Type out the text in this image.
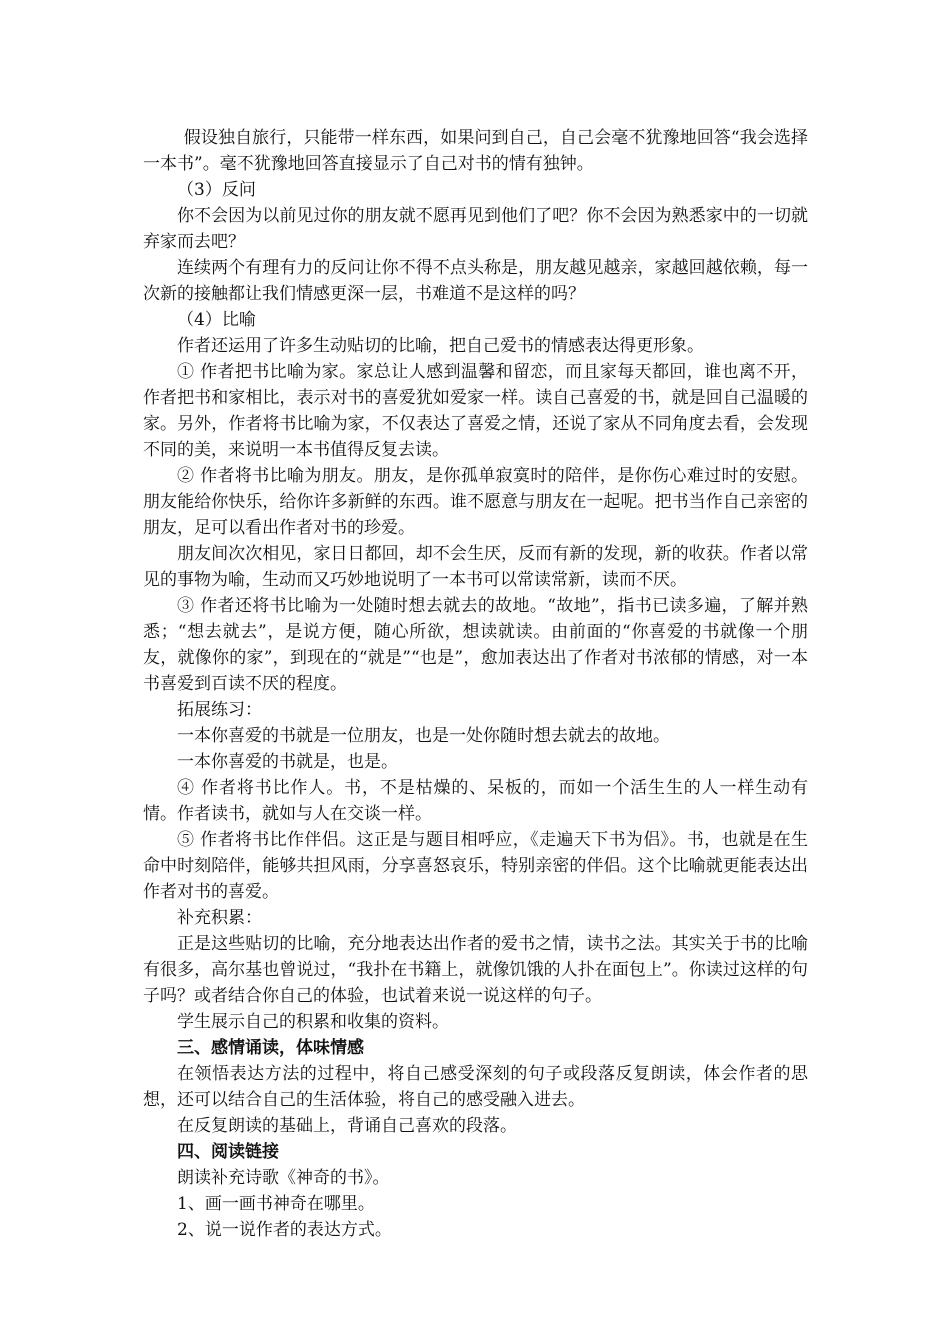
假设独自旅行，只能带一样东西，如果问到自己，自己会毫不犹豫地回答“我会选择一本书”。毫不犹豫地回答直接显示了自己对书的情有独钟。

（3）反问

你不会因为以前见过你的朋友就不愿再见到他们了吧？你不会因为熟悉家中的一切就弃家而去吧？

连续两个有理有力的反问让你不得不点头称是，朋友越见越亲，家越回越依赖，每一次新的接触都让我们情感更深一层，书难道不是这样的吗？

（4）比喻

作者还运用了许多生动贴切的比喻，把自己爱书的情感表达得更形象。

① 作者把书比喻为家。家总让人感到温馨和留恋，而且家每天都回，谁也离不开，作者把书和家相比，表示对书的喜爱犹如爱家一样。读自己喜爱的书，就是回自己温暖的家。另外，作者将书比喻为家，不仅表达了喜爱之情，还说了家从不同角度去看，会发现不同的美，来说明一本书值得反复去读。

② 作者将书比喻为朋友。朋友，是你孤单寂寞时的陪伴，是你伤心难过时的安慰。朋友能给你快乐，给你许多新鲜的东西。谁不愿意与朋友在一起呢。把书当作自己亲密的朋友，足可以看出作者对书的珍爱。

朋友间次次相见，家日日都回，却不会生厌，反而有新的发现，新的收获。作者以常见的事物为喻，生动而又巧妙地说明了一本书可以常读常新，读而不厌。

③ 作者还将书比喻为一处随时想去就去的故地。“故地”，指书已读多遍，了解并熟悉；“想去就去”，是说方便，随心所欲，想读就读。由前面的“你喜爱的书就像一个朋友，就像你的家”，到现在的“就是”“也是”，愈加表达出了作者对书浓郁的情感，对一本书喜爱到百读不厌的程度。

拓展练习：

一本你喜爱的书就是一位朋友，也是一处你随时想去就去的故地。

一本你喜爱的书就是，也是。

④ 作者将书比作人。书，不是枯燥的、呆板的，而如一个活生生的人一样生动有情。作者读书，就如与人在交谈一样。

⑤ 作者将书比作伴侣。这正是与题目相呼应，《走遍天下书为侣》。书，也就是在生命中时刻陪伴，能够共担风雨，分享喜怒哀乐，特别亲密的伴侣。这个比喻就更能表达出作者对书的喜爱。

补充积累：

正是这些贴切的比喻，充分地表达出作者的爱书之情，读书之法。其实关于书的比喻有很多，高尔基也曾说过，“我扑在书籍上，就像饥饿的人扑在面包上”。你读过这样的句子吗？或者结合你自己的体验，也试着来说一说这样的句子。

学生展示自己的积累和收集的资料。

三、感情诵读，体味情感

在领悟表达方法的过程中，将自己感受深刻的句子或段落反复朗读，体会作者的思想，还可以结合自己的生活体验，将自己的感受融入进去。

在反复朗读的基础上，背诵自己喜欢的段落。

四、阅读链接

朗读补充诗歌《神奇的书》。

1、画一画书神奇在哪里。

2、说一说作者的表达方式。
